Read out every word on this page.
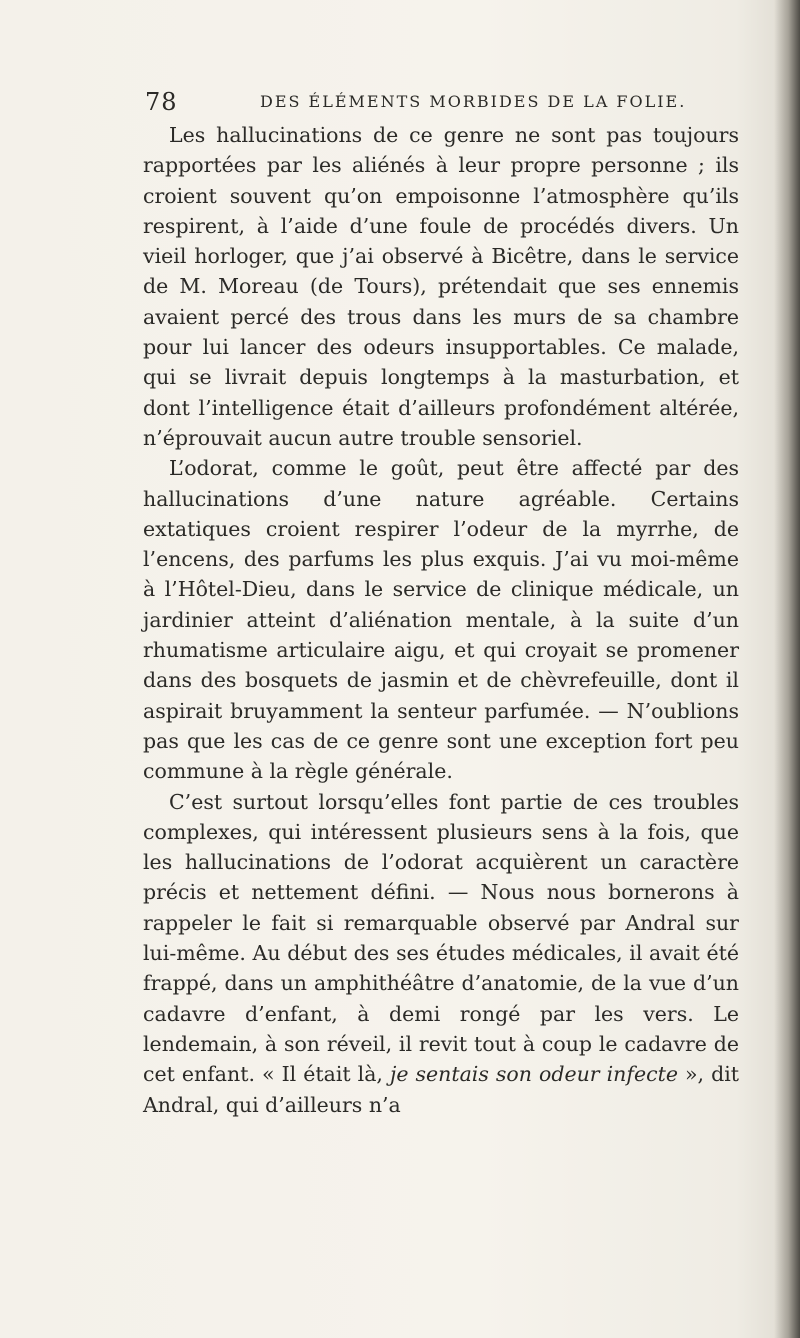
78	DES ÉLÉMENTS MORBIDES DE LA FOLIE.

Les hallucinations de ce genre ne sont pas toujours rapportées par les aliénés à leur propre personne ; ils croient souvent qu’on empoisonne l’atmosphère qu’ils respirent, à l’aide d’une foule de procédés divers. Un vieil horloger, que j’ai observé à Bicêtre, dans le service de M. Moreau (de Tours), prétendait que ses ennemis avaient percé des trous dans les murs de sa chambre pour lui lancer des odeurs insupportables. Ce malade, qui se livrait depuis longtemps à la masturbation, et dont l’intelligence était d’ailleurs profondément altérée, n’éprouvait aucun autre trouble sensoriel.

L’odorat, comme le goût, peut être affecté par des hallucinations d’une nature agréable. Certains extatiques croient respirer l’odeur de la myrrhe, de l’encens, des parfums les plus exquis. J’ai vu moi-même à l’Hôtel-Dieu, dans le service de clinique médicale, un jardinier atteint d’aliénation mentale, à la suite d’un rhumatisme articulaire aigu, et qui croyait se promener dans des bosquets de jasmin et de chèvrefeuille, dont il aspirait bruyamment la senteur parfumée. — N’oublions pas que les cas de ce genre sont une exception fort peu commune à la règle générale.

C’est surtout lorsqu’elles font partie de ces troubles complexes, qui intéressent plusieurs sens à la fois, que les hallucinations de l’odorat acquièrent un caractère précis et nettement défini. — Nous nous bornerons à rappeler le fait si remarquable observé par Andral sur lui-même. Au début des ses études médicales, il avait été frappé, dans un amphithéâtre d’anatomie, de la vue d’un cadavre d’enfant, à demi rongé par les vers. Le lendemain, à son réveil, il revit tout à coup le cadavre de cet enfant. « Il était là, je sentais son odeur infecte », dit Andral, qui d’ailleurs n’a
